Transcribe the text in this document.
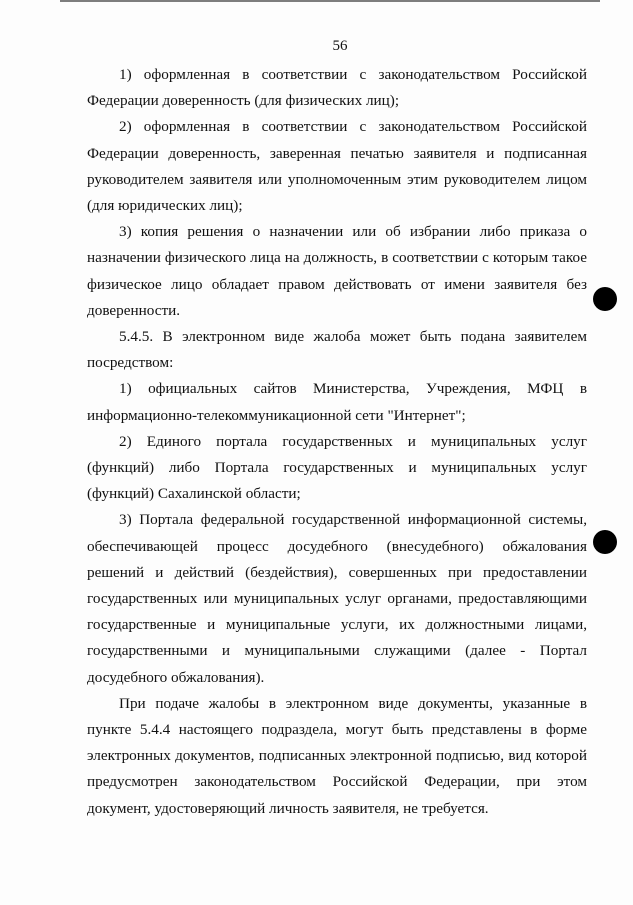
56

1) оформленная в соответствии с законодательством Российской Федерации доверенность (для физических лиц);

2) оформленная в соответствии с законодательством Российской Федерации доверенность, заверенная печатью заявителя и подписанная руководителем заявителя или уполномоченным этим руководителем лицом (для юридических лиц);

3) копия решения о назначении или об избрании либо приказа о назначении физического лица на должность, в соответствии с которым такое физическое лицо обладает правом действовать от имени заявителя без доверенности.

5.4.5. В электронном виде жалоба может быть подана заявителем посредством:

1) официальных сайтов Министерства, Учреждения, МФЦ в информационно-телекоммуникационной сети "Интернет";

2) Единого портала государственных и муниципальных услуг (функций) либо Портала государственных и муниципальных услуг (функций) Сахалинской области;

3) Портала федеральной государственной информационной системы, обеспечивающей процесс досудебного (внесудебного) обжалования решений и действий (бездействия), совершенных при предоставлении государственных или муниципальных услуг органами, предоставляющими государственные и муниципальные услуги, их должностными лицами, государственными и муниципальными служащими (далее - Портал досудебного обжалования).

При подаче жалобы в электронном виде документы, указанные в пункте 5.4.4 настоящего подраздела, могут быть представлены в форме электронных документов, подписанных электронной подписью, вид которой предусмотрен законодательством Российской Федерации, при этом документ, удостоверяющий личность заявителя, не требуется.
